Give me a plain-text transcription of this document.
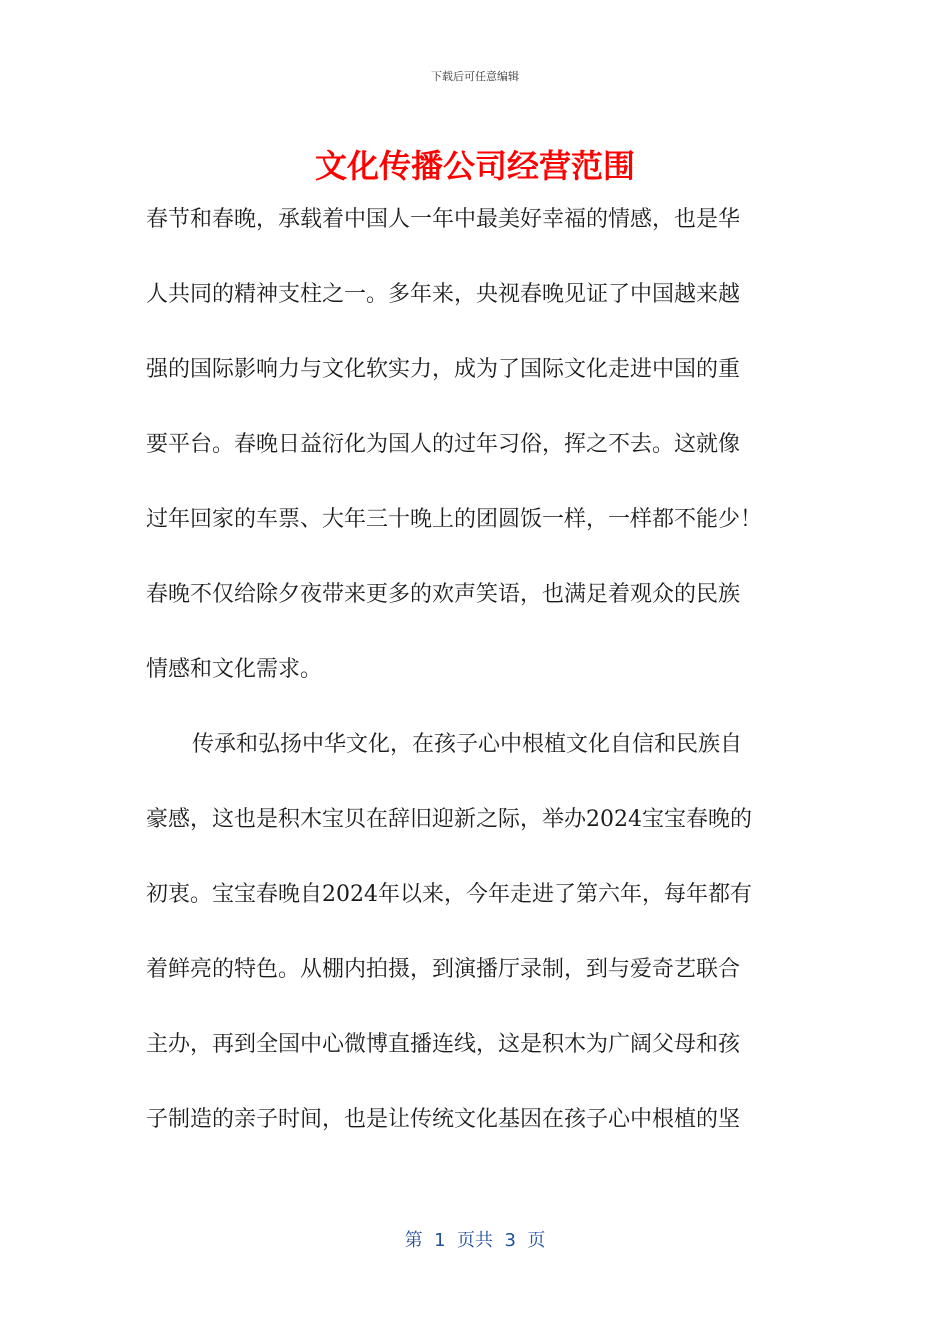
下载后可任意编辑
文化传播公司经营范围
春节和春晚，承载着中国人一年中最美好幸福的情感，也是华
人共同的精神支柱之一。多年来，央视春晚见证了中国越来越
强的国际影响力与文化软实力，成为了国际文化走进中国的重
要平台。春晚日益衍化为国人的过年习俗，挥之不去。这就像
过年回家的车票、大年三十晚上的团圆饭一样，一样都不能少！
春晚不仅给除夕夜带来更多的欢声笑语，也满足着观众的民族
情感和文化需求。
传承和弘扬中华文化，在孩子心中根植文化自信和民族自
豪感，这也是积木宝贝在辞旧迎新之际，举办2024宝宝春晚的
初衷。宝宝春晚自2024年以来，今年走进了第六年，每年都有
着鲜亮的特色。从棚内拍摄，到演播厅录制，到与爱奇艺联合
主办，再到全国中心微博直播连线，这是积木为广阔父母和孩
子制造的亲子时间，也是让传统文化基因在孩子心中根植的坚
第  1  页共  3  页
